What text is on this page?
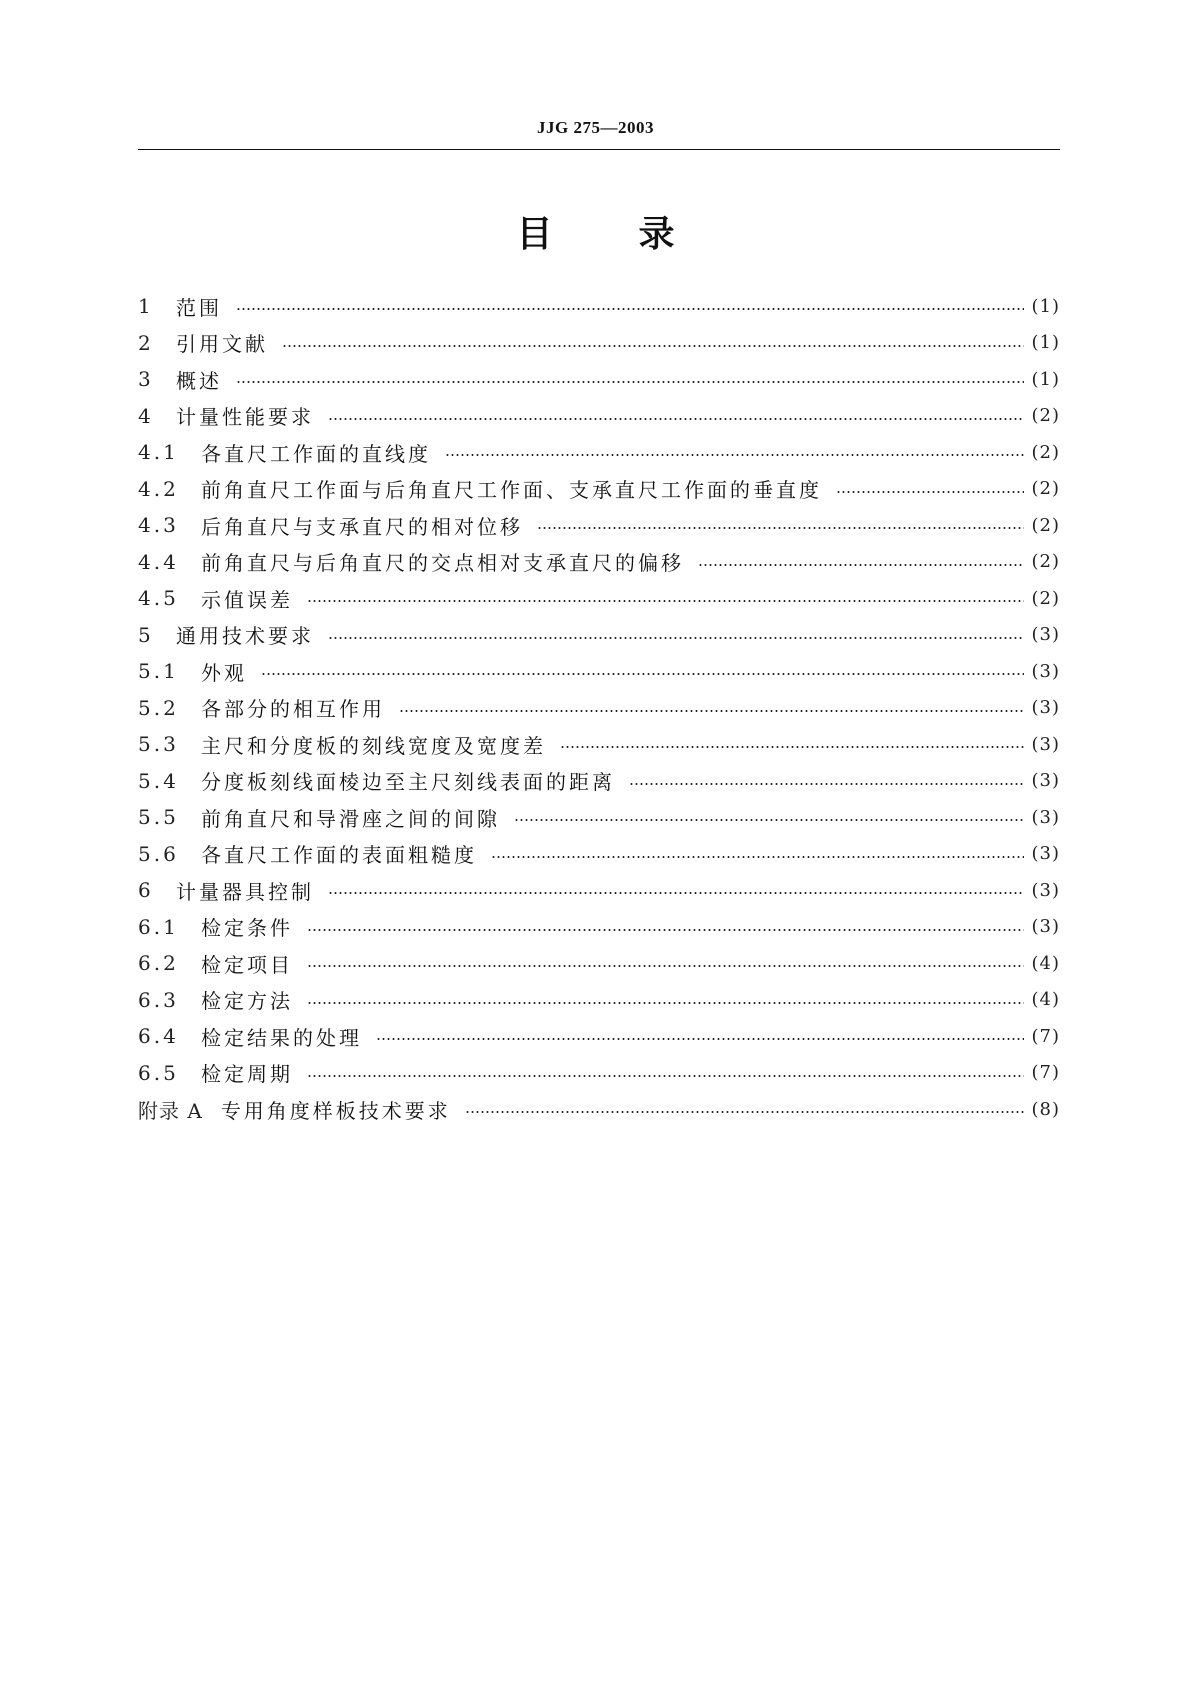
JJG 275—2003
目录
1	范围	(1)
2	引用文献	(1)
3	概述	(1)
4	计量性能要求	(2)
4.1	各直尺工作面的直线度	(2)
4.2	前角直尺工作面与后角直尺工作面、支承直尺工作面的垂直度	(2)
4.3	后角直尺与支承直尺的相对位移	(2)
4.4	前角直尺与后角直尺的交点相对支承直尺的偏移	(2)
4.5	示值误差	(2)
5	通用技术要求	(3)
5.1	外观	(3)
5.2	各部分的相互作用	(3)
5.3	主尺和分度板的刻线宽度及宽度差	(3)
5.4	分度板刻线面棱边至主尺刻线表面的距离	(3)
5.5	前角直尺和导滑座之间的间隙	(3)
5.6	各直尺工作面的表面粗糙度	(3)
6	计量器具控制	(3)
6.1	检定条件	(3)
6.2	检定项目	(4)
6.3	检定方法	(4)
6.4	检定结果的处理	(7)
6.5	检定周期	(7)
附录 A 专用角度样板技术要求	(8)
